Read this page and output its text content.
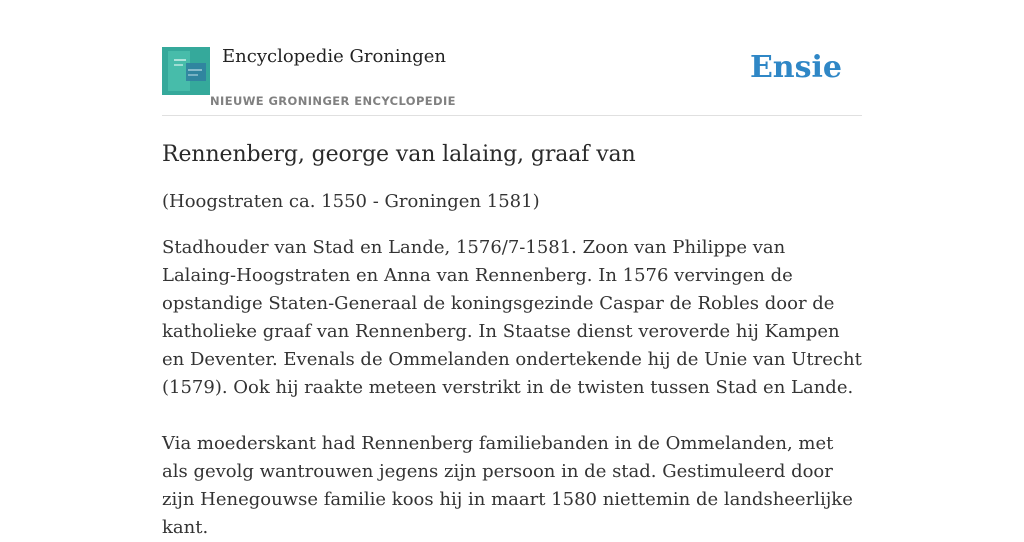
Encyclopedie Groningen
NIEUWE GRONINGER ENCYCLOPEDIE
Ensie
Rennenberg, george van lalaing, graaf van

(Hoogstraten ca. 1550 - Groningen 1581)

Stadhouder van Stad en Lande, 1576/7-1581. Zoon van Philippe van Lalaing-Hoogstraten en Anna van Rennenberg. In 1576 vervingen de opstandige Staten-Generaal de koningsgezinde Caspar de Robles door de katholieke graaf van Rennenberg. In Staatse dienst veroverde hij Kampen en Deventer. Evenals de Ommelanden ondertekende hij de Unie van Utrecht (1579). Ook hij raakte meteen verstrikt in de twisten tussen Stad en Lande.

Via moederskant had Rennenberg familiebanden in de Ommelanden, met als gevolg wantrouwen jegens zijn persoon in de stad. Gestimuleerd door zijn Henegouwse familie koos hij in maart 1580 niettemin de landsheerlijke kant.
